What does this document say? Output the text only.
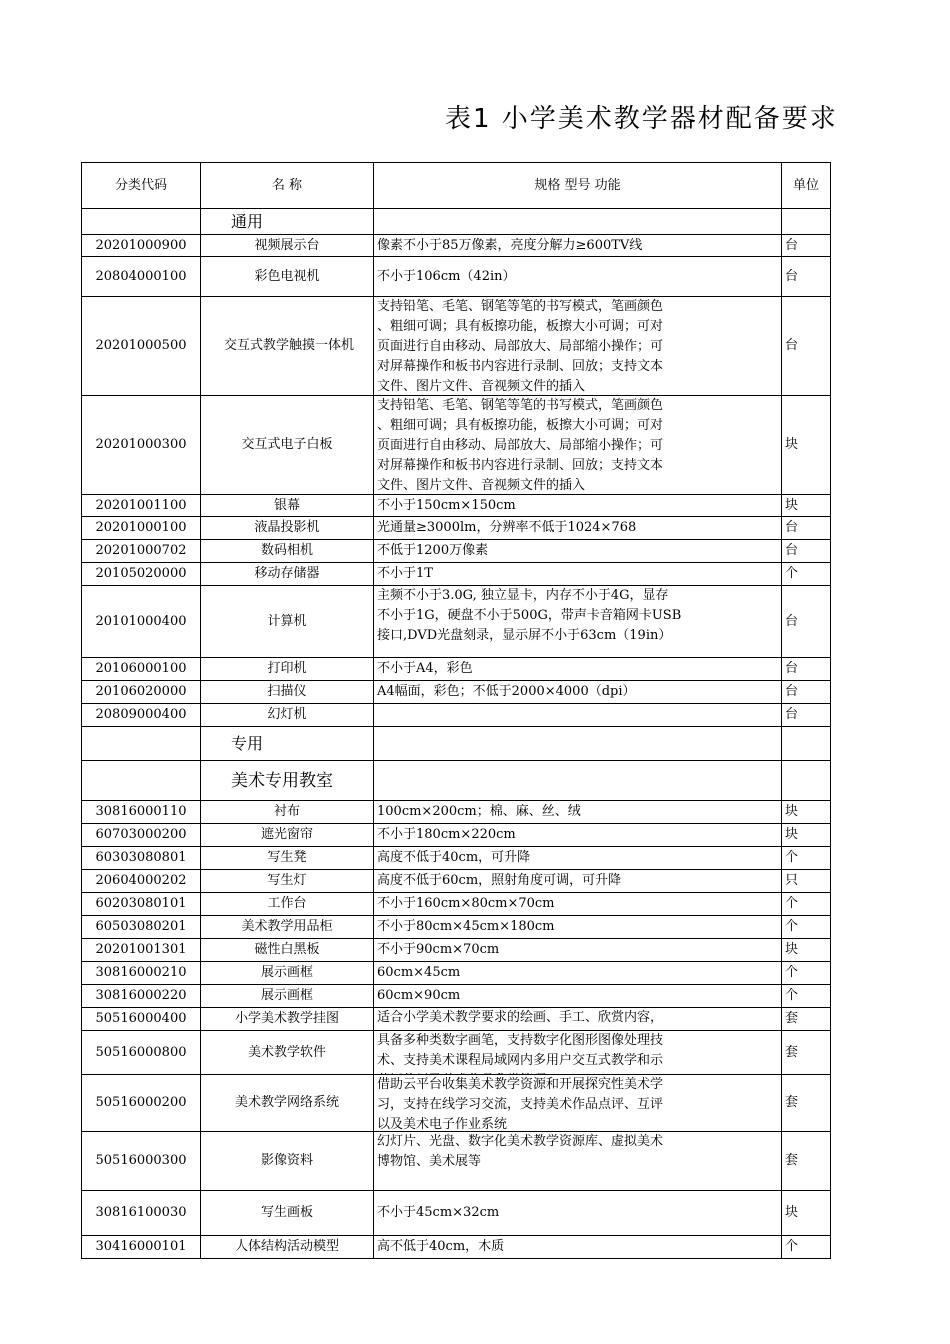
表1 小学美术教学器材配备要求
分类代码	名 称	规格 型号 功能	单位
	通用		
20201000900	视频展示台	像素不小于85万像素，亮度分解力≥600TV线	台
20804000100	彩色电视机	不小于106cm（42in）	台
20201000500	交互式教学触摸一体机	支持铅笔、毛笔、钢笔等笔的书写模式，笔画颜色
、粗细可调；具有板擦功能，板擦大小可调；可对
页面进行自由移动、局部放大、局部缩小操作；可
对屏幕操作和板书内容进行录制、回放；支持文本
文件、图片文件、音视频文件的插入	台
20201000300	交互式电子白板	支持铅笔、毛笔、钢笔等笔的书写模式，笔画颜色
、粗细可调；具有板擦功能，板擦大小可调；可对
页面进行自由移动、局部放大、局部缩小操作；可
对屏幕操作和板书内容进行录制、回放；支持文本
文件、图片文件、音视频文件的插入	块
20201001100	银幕	不小于150cm×150cm	块
20201000100	液晶投影机	光通量≥3000lm，分辨率不低于1024×768	台
20201000702	数码相机	不低于1200万像素	台
20105020000	移动存储器	不小于1T	个
20101000400	计算机	主频不小于3.0G, 独立显卡，内存不小于4G，显存
不小于1G，硬盘不小于500G，带声卡音箱网卡USB
接口,DVD光盘刻录，显示屏不小于63cm（19in）	台
20106000100	打印机	不小于A4，彩色	台
20106020000	扫描仪	A4幅面，彩色；不低于2000×4000（dpi）	台
20809000400	幻灯机		台
	专用		
	美术专用教室		
30816000110	衬布	100cm×200cm；棉、麻、丝、绒	块
60703000200	遮光窗帘	不小于180cm×220cm	块
60303080801	写生凳	高度不低于40cm，可升降	个
20604000202	写生灯	高度不低于60cm，照射角度可调，可升降	只
60203080101	工作台	不小于160cm×80cm×70cm	个
60503080201	美术教学用品柜	不小于80cm×45cm×180cm	个
20201001301	磁性白黑板	不小于90cm×70cm	块
30816000210	展示画框	60cm×45cm	个
30816000220	展示画框	60cm×90cm	个
50516000400	小学美术教学挂图	适合小学美术教学要求的绘画、手工、欣赏内容，	套
50516000800	美术教学软件	具备多种类数字画笔，支持数字化图形图像处理技
术、支持美术课程局域网内多用户交互式教学和示	套
50516000200	美术教学网络系统	借助云平台收集美术教学资源和开展探究性美术学
习，支持在线学习交流，支持美术作品点评、互评
以及美术电子作业系统	套
50516000300	影像资料	幻灯片、光盘、数字化美术教学资源库、虚拟美术
博物馆、美术展等	套
30816100030	写生画板	不小于45cm×32cm	块
30416000101	人体结构活动模型	高不低于40cm，木质	个
